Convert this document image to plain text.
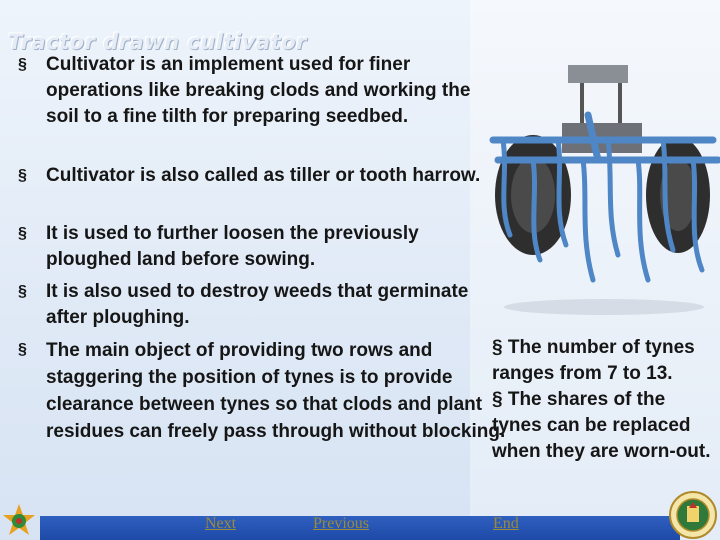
Tractor drawn cultivator
§	Cultivator is an implement used for finer operations like breaking clods and working the soil to a fine tilth for preparing seedbed.
§	Cultivator is also called as tiller or tooth harrow.
§	It is used to further loosen the previously ploughed land before sowing.
§	It is also used to destroy weeds that germinate after ploughing.
§	The main object of providing two rows and staggering the position of tynes is to provide clearance between tynes so that clods and plant residues can freely pass through without blocking.

§ The number of tynes ranges from 7 to 13.

§ The shares of the tynes can be replaced when they are worn-out.

Next	Previous	End
